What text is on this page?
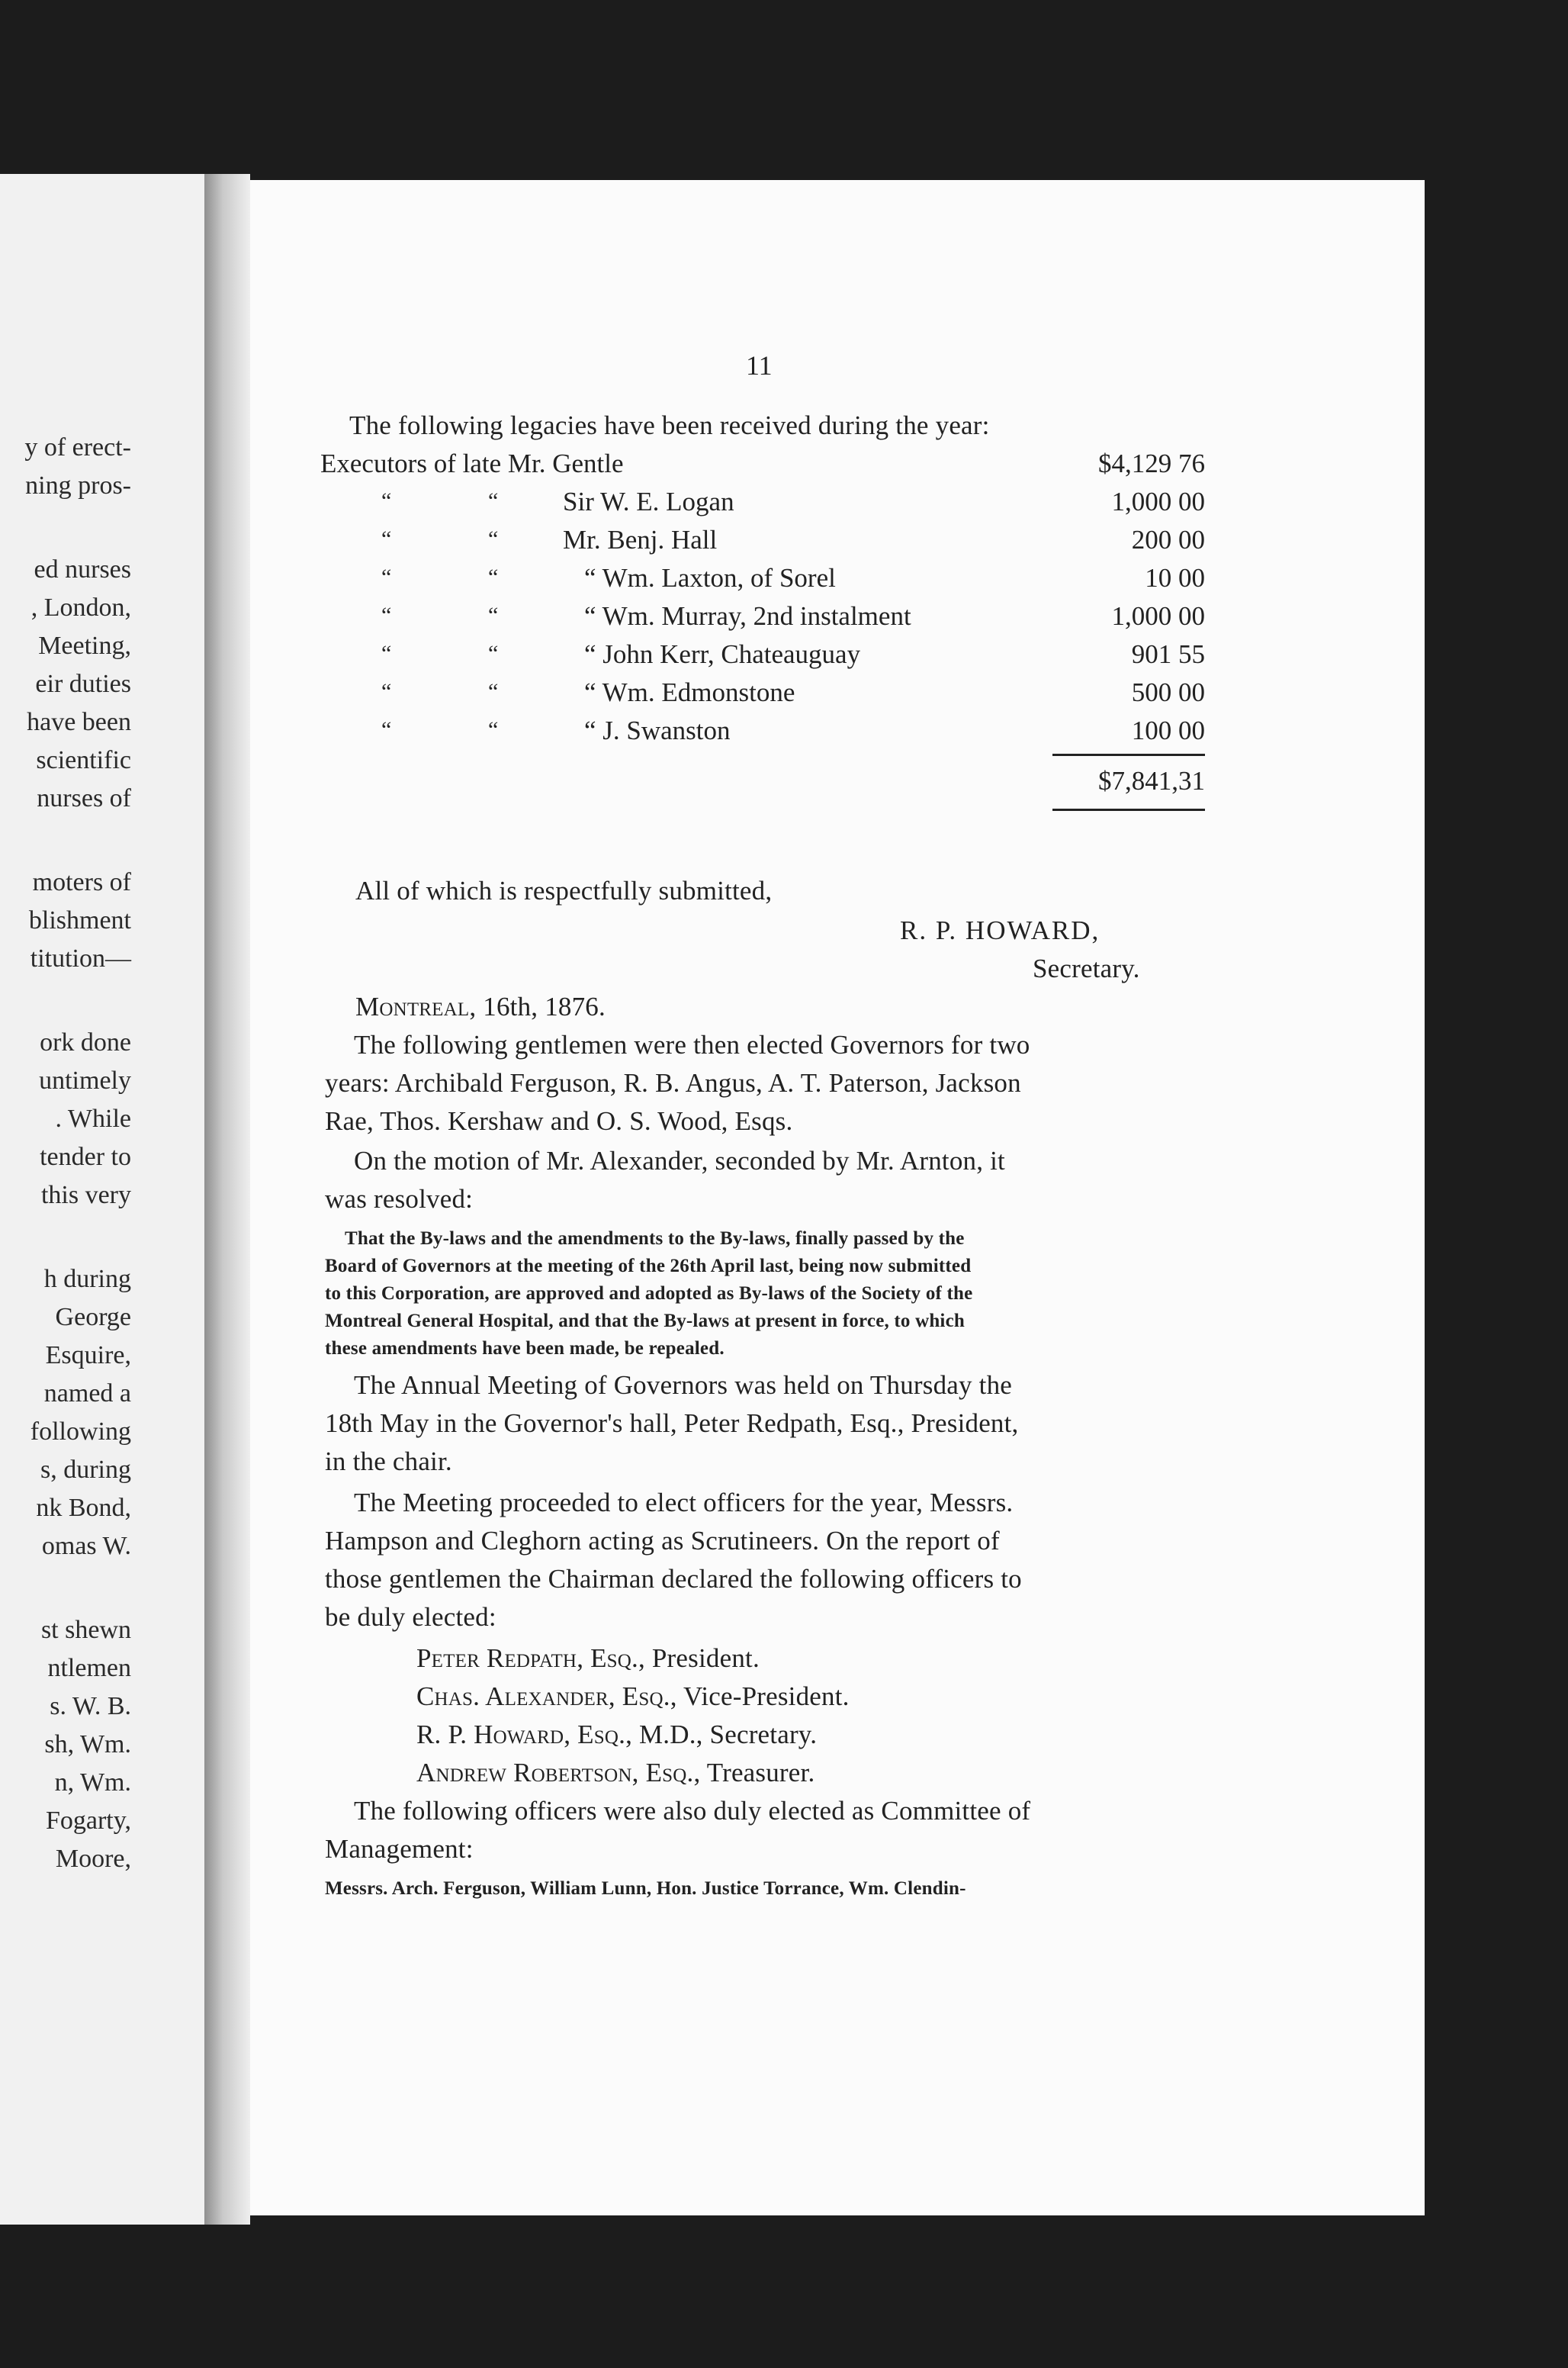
y of erect-
ning pros-
ed nurses
, London,
Meeting,
eir duties
have been
scientific
nurses of
moters of
blishment
titution—
ork done
untimely
. While
tender to
this very
h during
George
Esquire,
named a
following
s, during
nk Bond,
omas W.
st shewn
ntlemen
s. W. B.
sh, Wm.
n, Wm.
Fogarty,
Moore,
11
The following legacies have been received during the year:
Executors of late Mr. Gentle	$4,129 76
“	“ Sir W. E. Logan	1,000 00
“	“ Mr. Benj. Hall	200 00
“	“	“ Wm. Laxton, of Sorel	10 00
“	“	“ Wm. Murray, 2nd instalment	1,000 00
“	“	“ John Kerr, Chateauguay	901 55
“	“	“ Wm. Edmonstone	500 00
“	“	“ J. Swanston	100 00
$7,841,31
All of which is respectfully submitted,
R. P. HOWARD,
Secretary.
Montreal, 16th, 1876.
The following gentlemen were then elected Governors for two
years: Archibald Ferguson, R. B. Angus, A. T. Paterson, Jackson
Rae, Thos. Kershaw and O. S. Wood, Esqs.
On the motion of Mr. Alexander, seconded by Mr. Arnton, it
was resolved:
That the By-laws and the amendments to the By-laws, finally passed by the
Board of Governors at the meeting of the 26th April last, being now submitted
to this Corporation, are approved and adopted as By-laws of the Society of the
Montreal General Hospital, and that the By-laws at present in force, to which
these amendments have been made, be repealed.
The Annual Meeting of Governors was held on Thursday the
18th May in the Governor's hall, Peter Redpath, Esq., President,
in the chair.
The Meeting proceeded to elect officers for the year, Messrs.
Hampson and Cleghorn acting as Scrutineers. On the report of
those gentlemen the Chairman declared the following officers to
be duly elected:
Peter Redpath, Esq., President.
Chas. Alexander, Esq., Vice-President.
R. P. Howard, Esq., M.D., Secretary.
Andrew Robertson, Esq., Treasurer.
The following officers were also duly elected as Committee of
Management:
Messrs. Arch. Ferguson, William Lunn, Hon. Justice Torrance, Wm. Clendin-
